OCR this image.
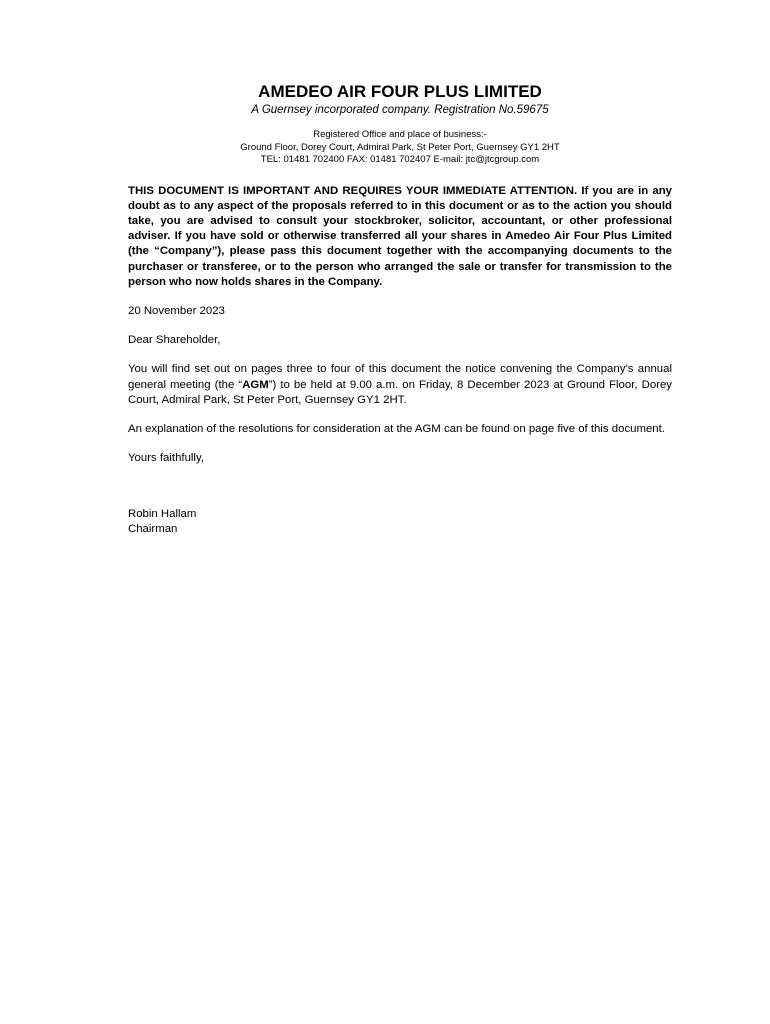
AMEDEO AIR FOUR PLUS LIMITED

A Guernsey incorporated company. Registration No.59675

Registered Office and place of business:-
Ground Floor, Dorey Court, Admiral Park, St Peter Port, Guernsey GY1 2HT
TEL: 01481 702400 FAX: 01481 702407 E-mail: jtc@jtcgroup.com
THIS DOCUMENT IS IMPORTANT AND REQUIRES YOUR IMMEDIATE ATTENTION. If you are in any doubt as to any aspect of the proposals referred to in this document or as to the action you should take, you are advised to consult your stockbroker, solicitor, accountant, or other professional adviser. If you have sold or otherwise transferred all your shares in Amedeo Air Four Plus Limited (the “Company”), please pass this document together with the accompanying documents to the purchaser or transferee, or to the person who arranged the sale or transfer for transmission to the person who now holds shares in the Company.

20 November 2023

Dear Shareholder,

You will find set out on pages three to four of this document the notice convening the Company’s annual general meeting (the “AGM”) to be held at 9.00 a.m. on Friday, 8 December 2023 at Ground Floor, Dorey Court, Admiral Park, St Peter Port, Guernsey GY1 2HT.

An explanation of the resolutions for consideration at the AGM can be found on page five of this document.

Yours faithfully,

Robin Hallam
Chairman
